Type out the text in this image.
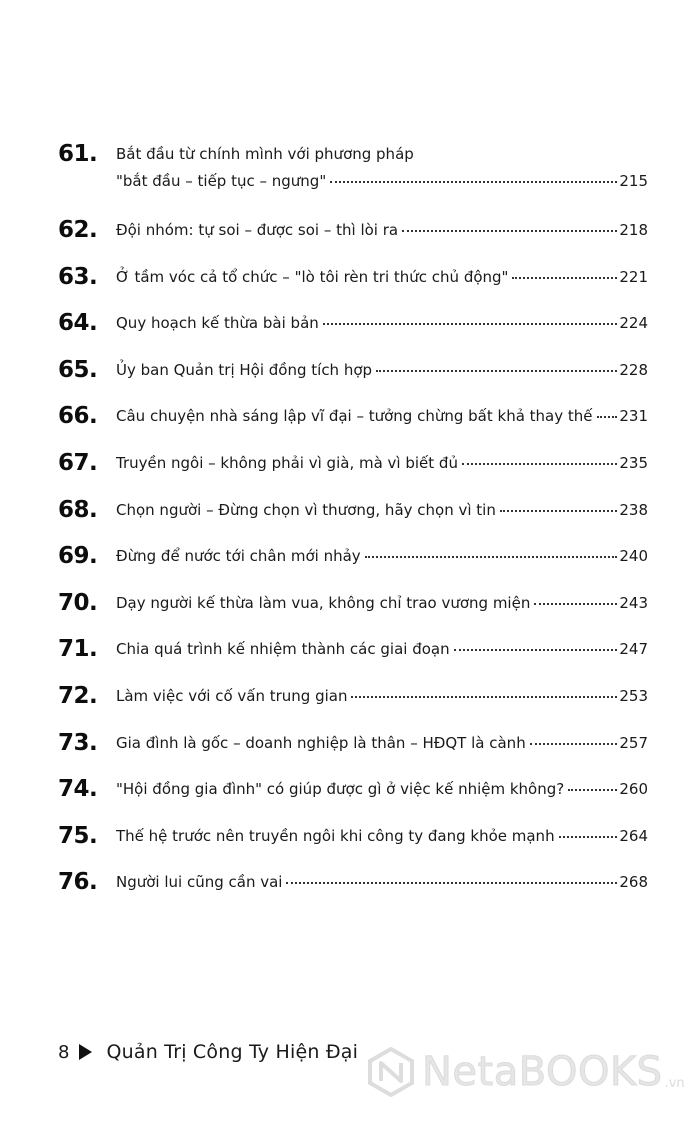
61.	Bắt đầu từ chính mình với phương pháp
"bắt đầu – tiếp tục – ngưng"	215
62.	Đội nhóm: tự soi – được soi – thì lòi ra	218
63.	Ở tầm vóc cả tổ chức – "lò tôi rèn tri thức chủ động"	221
64.	Quy hoạch kế thừa bài bản	224
65.	Ủy ban Quản trị Hội đồng tích hợp	228
66.	Câu chuyện nhà sáng lập vĩ đại – tưởng chừng bất khả thay thế 231
67.	Truyền ngôi – không phải vì già, mà vì biết đủ	235
68.	Chọn người – Đừng chọn vì thương, hãy chọn vì tin	238
69.	Đừng để nước tới chân mới nhảy	240
70.	Dạy người kế thừa làm vua, không chỉ trao vương miện	243
71.	Chia quá trình kế nhiệm thành các giai đoạn	247
72.	Làm việc với cố vấn trung gian	253
73.	Gia đình là gốc – doanh nghiệp là thân – HĐQT là cành	257
74.	"Hội đồng gia đình" có giúp được gì ở việc kế nhiệm không?	260
75.	Thế hệ trước nên truyền ngôi khi công ty đang khỏe mạnh	264
76.	Người lui cũng cần vai	268
8 Quản Trị Công Ty Hiện Đại NetaBOOKS .vn
